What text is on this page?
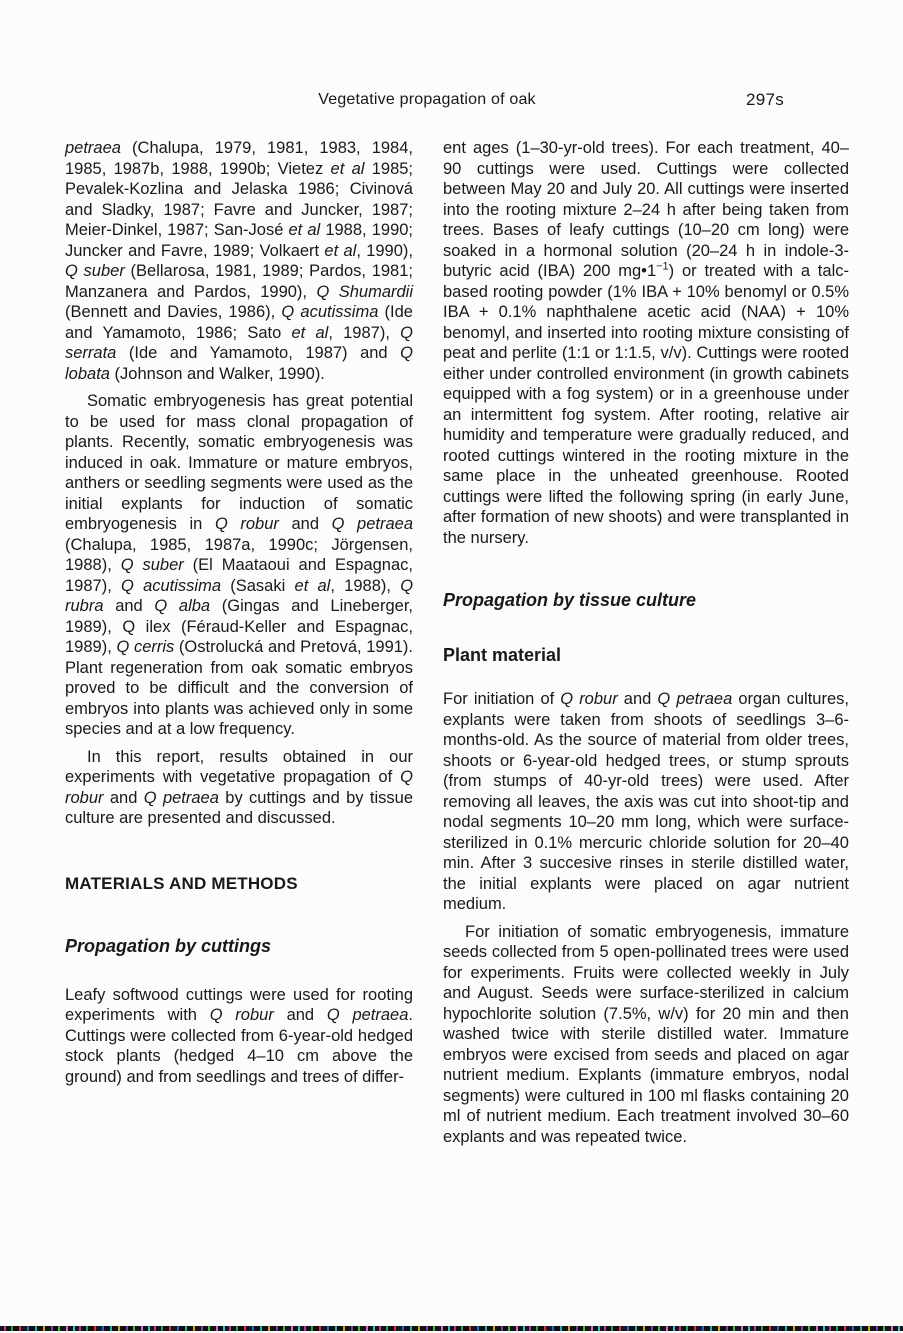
Vegetative propagation of oak	297s

petraea (Chalupa, 1979, 1981, 1983, 1984, 1985, 1987b, 1988, 1990b; Vietez et al 1985; Pevalek-Kozlina and Jelaska 1986; Civinová and Sladky, 1987; Favre and Juncker, 1987; Meier-Dinkel, 1987; San-José et al 1988, 1990; Juncker and Favre, 1989; Volkaert et al, 1990), Q suber (Bellarosa, 1981, 1989; Pardos, 1981; Manzanera and Pardos, 1990), Q Shumardii (Bennett and Davies, 1986), Q acutissima (Ide and Yamamoto, 1986; Sato et al, 1987), Q serrata (Ide and Yamamoto, 1987) and Q lobata (Johnson and Walker, 1990).

Somatic embryogenesis has great potential to be used for mass clonal propagation of plants. Recently, somatic embryogenesis was induced in oak. Immature or mature embryos, anthers or seedling segments were used as the initial explants for induction of somatic embryogenesis in Q robur and Q petraea (Chalupa, 1985, 1987a, 1990c; Jörgensen, 1988), Q suber (El Maataoui and Espagnac, 1987), Q acutissima (Sasaki et al, 1988), Q rubra and Q alba (Gingas and Lineberger, 1989), Q ilex (Féraud-Keller and Espagnac, 1989), Q cerris (Ostrolucká and Pretová, 1991). Plant regeneration from oak somatic embryos proved to be difficult and the conversion of embryos into plants was achieved only in some species and at a low frequency.

In this report, results obtained in our experiments with vegetative propagation of Q robur and Q petraea by cuttings and by tissue culture are presented and discussed.

MATERIALS AND METHODS
Propagation by cuttings

Leafy softwood cuttings were used for rooting experiments with Q robur and Q petraea. Cuttings were collected from 6-year-old hedged stock plants (hedged 4–10 cm above the ground) and from seedlings and trees of differ-

ent ages (1–30-yr-old trees). For each treatment, 40–90 cuttings were used. Cuttings were collected between May 20 and July 20. All cuttings were inserted into the rooting mixture 2–24 h after being taken from trees. Bases of leafy cuttings (10–20 cm long) were soaked in a hormonal solution (20–24 h in indole-3-butyric acid (IBA) 200 $mg•1^{-1}$) or treated with a talc-based rooting powder (1% IBA + 10% benomyl or 0.5% IBA + 0.1% naphthalene acetic acid (NAA) + 10% benomyl, and inserted into rooting mixture consisting of peat and perlite (1:1 or 1:1.5, v/v). Cuttings were rooted either under controlled environment (in growth cabinets equipped with a fog system) or in a greenhouse under an intermittent fog system. After rooting, relative air humidity and temperature were gradually reduced, and rooted cuttings wintered in the rooting mixture in the same place in the unheated greenhouse. Rooted cuttings were lifted the following spring (in early June, after formation of new shoots) and were transplanted in the nursery.

Propagation by tissue culture
Plant material

For initiation of Q robur and Q petraea organ cultures, explants were taken from shoots of seedlings 3–6-months-old. As the source of material from older trees, shoots or 6-year-old hedged trees, or stump sprouts (from stumps of 40-yr-old trees) were used. After removing all leaves, the axis was cut into shoot-tip and nodal segments 10–20 mm long, which were surface-sterilized in 0.1% mercuric chloride solution for 20–40 min. After 3 succesive rinses in sterile distilled water, the initial explants were placed on agar nutrient medium.

For initiation of somatic embryogenesis, immature seeds collected from 5 open-pollinated trees were used for experiments. Fruits were collected weekly in July and August. Seeds were surface-sterilized in calcium hypochlorite solution (7.5%, w/v) for 20 min and then washed twice with sterile distilled water. Immature embryos were excised from seeds and placed on agar nutrient medium. Explants (immature embryos, nodal segments) were cultured in 100 ml flasks containing 20 ml of nutrient medium. Each treatment involved 30–60 explants and was repeated twice.
